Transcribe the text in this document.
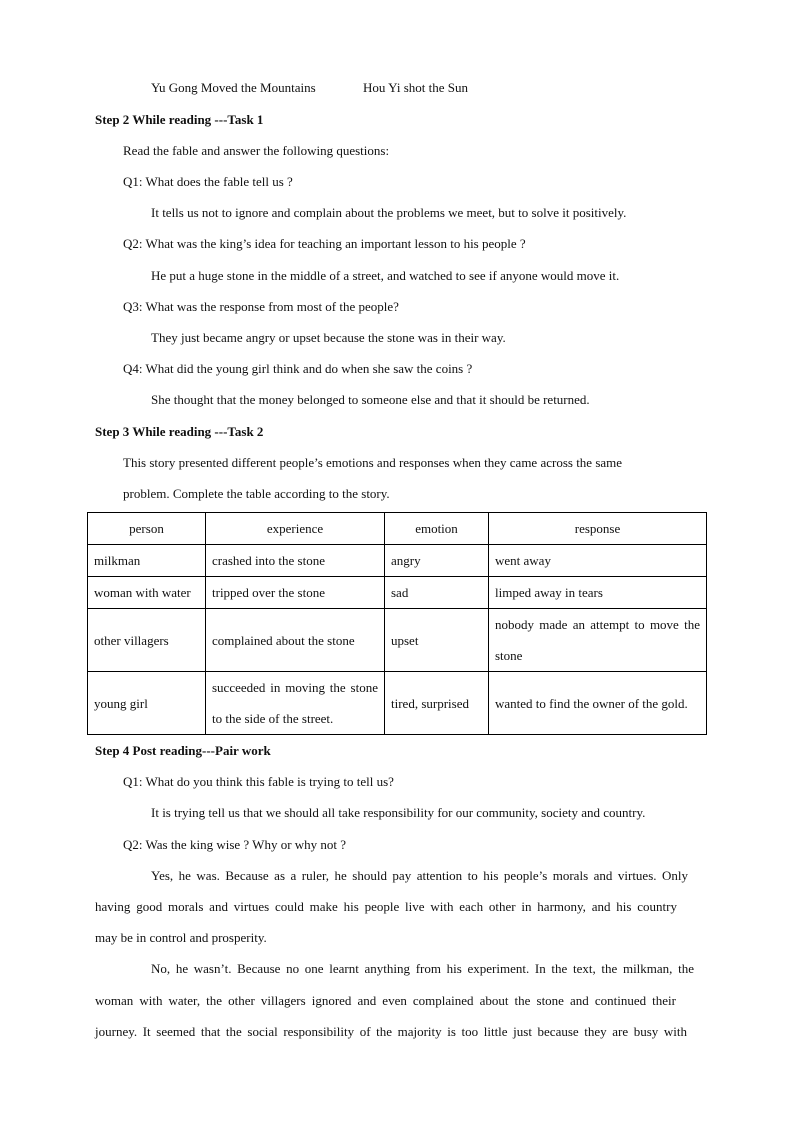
Yu Gong Moved the Mountains	Hou Yi shot the Sun
Step 2 While reading ---Task 1
Read the fable and answer the following questions:
Q1: What does the fable tell us ?
It tells us not to ignore and complain about the problems we meet, but to solve it positively.
Q2: What was the king’s idea for teaching an important lesson to his people ?
He put a huge stone in the middle of a street, and watched to see if anyone would move it.
Q3: What was the response from most of the people?
They just became angry or upset because the stone was in their way.
Q4: What did the young girl think and do when she saw the coins ?
She thought that the money belonged to someone else and that it should be returned.
Step 3 While reading ---Task 2
This story presented different people’s emotions and responses when they came across the same
problem. Complete the table according to the story.
person	experience	emotion	response
milkman	crashed into the stone	angry	went away
woman with water	tripped over the stone	sad	limped away in tears
other villagers	complained about the stone	upset	nobody made an attempt to move the stone
young girl	succeeded in moving the stone to the side of the street.	tired, surprised	wanted to find the owner of the gold.
Step 4 Post reading---Pair work
Q1: What do you think this fable is trying to tell us?
It is trying tell us that we should all take responsibility for our community, society and country.
Q2: Was the king wise ? Why or why not ?
Yes, he was. Because as a ruler, he should pay attention to his people’s morals and virtues. Only
having good morals and virtues could make his people live with each other in harmony, and his country
may be in control and prosperity.
No, he wasn’t. Because no one learnt anything from his experiment. In the text, the milkman, the
woman with water, the other villagers ignored and even complained about the stone and continued their
journey. It seemed that the social responsibility of the majority is too little just because they are busy with
